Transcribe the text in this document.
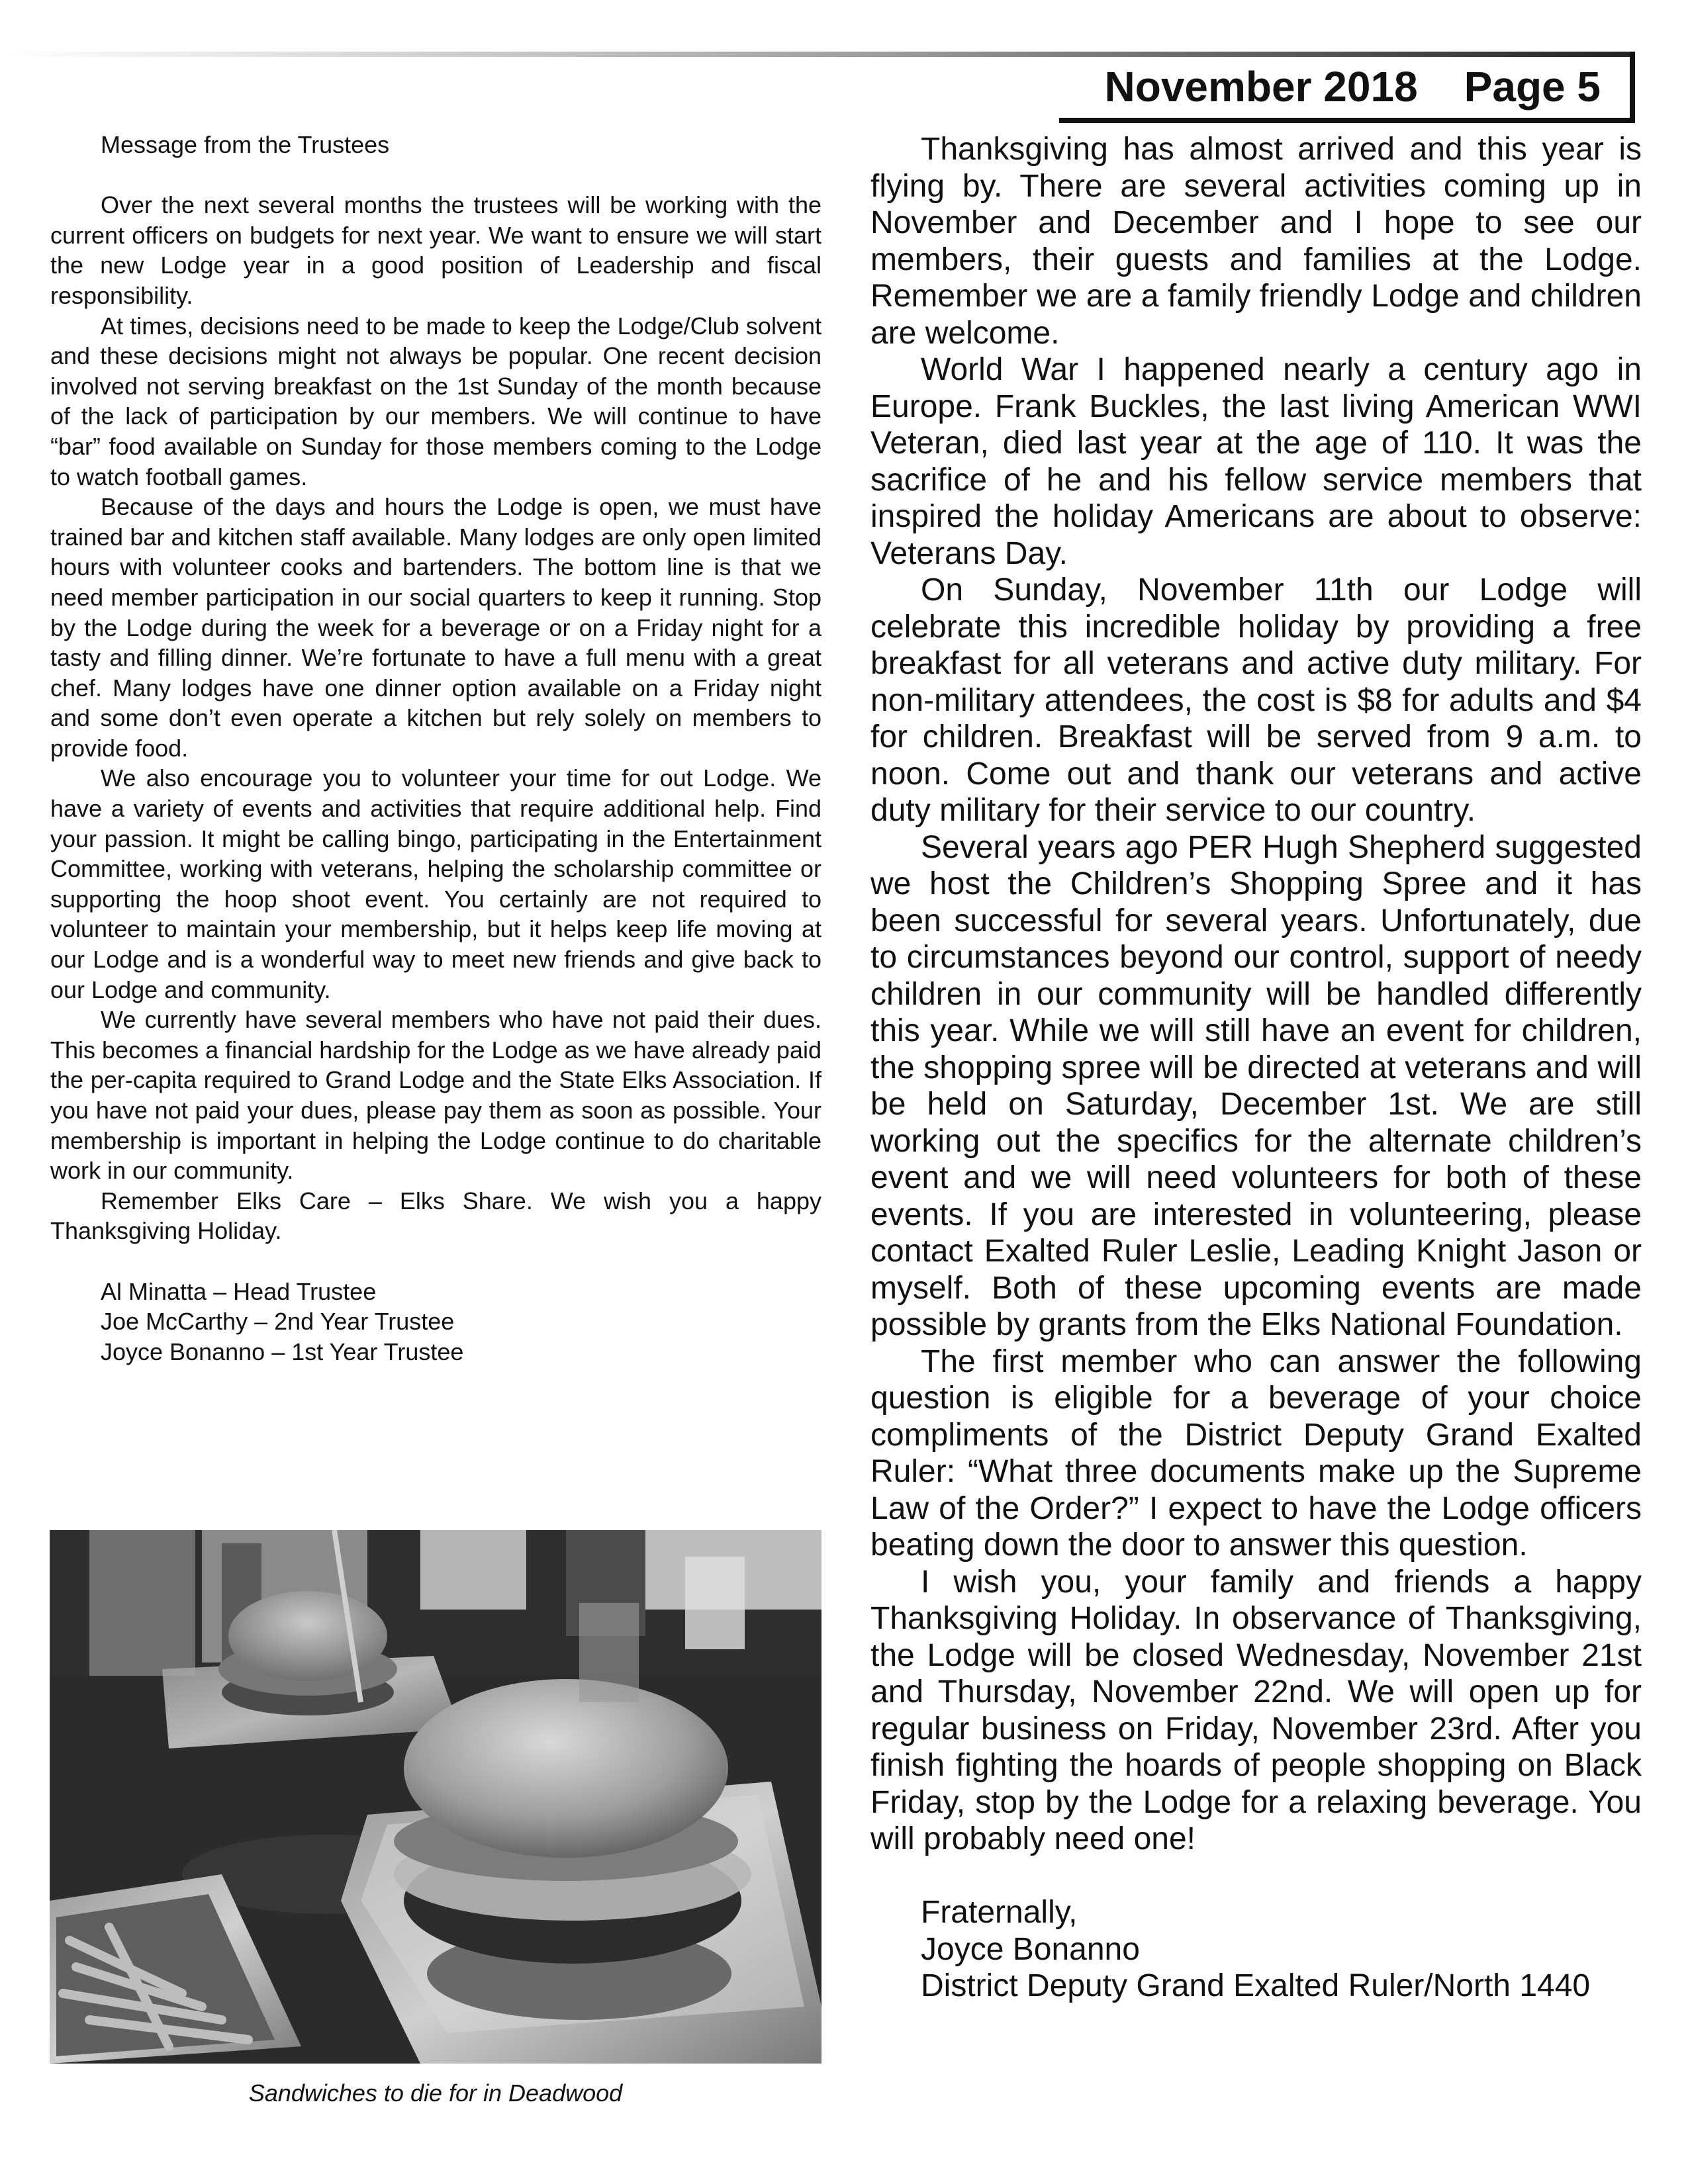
November 2018 Page 5
Message from the Trustees

Over the next several months the trustees will be working with the current officers on budgets for next year. We want to ensure we will start the new Lodge year in a good position of Leadership and fiscal responsibility.

At times, decisions need to be made to keep the Lodge/Club solvent and these decisions might not always be popular. One recent decision involved not serving breakfast on the 1st Sunday of the month because of the lack of participation by our members. We will continue to have “bar” food available on Sunday for those members coming to the Lodge to watch football games.

Because of the days and hours the Lodge is open, we must have trained bar and kitchen staff available. Many lodges are only open limited hours with volunteer cooks and bartenders. The bottom line is that we need member participation in our social quarters to keep it running. Stop by the Lodge during the week for a beverage or on a Friday night for a tasty and filling dinner. We’re fortunate to have a full menu with a great chef. Many lodges have one dinner option available on a Friday night and some don’t even operate a kitchen but rely solely on members to provide food.

We also encourage you to volunteer your time for out Lodge. We have a variety of events and activities that require additional help. Find your passion. It might be calling bingo, participating in the Entertainment Committee, working with veterans, helping the scholarship committee or supporting the hoop shoot event. You certainly are not required to volunteer to maintain your membership, but it helps keep life moving at our Lodge and is a wonderful way to meet new friends and give back to our Lodge and community.

We currently have several members who have not paid their dues. This becomes a financial hardship for the Lodge as we have already paid the per-capita required to Grand Lodge and the State Elks Association. If you have not paid your dues, please pay them as soon as possible. Your membership is important in helping the Lodge continue to do charitable work in our community.

Remember Elks Care – Elks Share. We wish you a happy Thanksgiving Holiday.

Al Minatta – Head Trustee
Joe McCarthy – 2nd Year Trustee
Joyce Bonanno – 1st Year Trustee
Sandwiches to die for in Deadwood

Thanksgiving has almost arrived and this year is flying by. There are several activities coming up in November and December and I hope to see our members, their guests and families at the Lodge. Remember we are a family friendly Lodge and children are welcome.

World War I happened nearly a century ago in Europe. Frank Buckles, the last living American WWI Veteran, died last year at the age of 110. It was the sacrifice of he and his fellow service members that inspired the holiday Americans are about to observe: Veterans Day.

On Sunday, November 11th our Lodge will celebrate this incredible holiday by providing a free breakfast for all veterans and active duty military. For non-military attendees, the cost is $8 for adults and $4 for children. Breakfast will be served from 9 a.m. to noon. Come out and thank our veterans and active duty military for their service to our country.

Several years ago PER Hugh Shepherd suggested we host the Children’s Shopping Spree and it has been successful for several years. Unfortunately, due to circumstances beyond our control, support of needy children in our community will be handled differently this year. While we will still have an event for children, the shopping spree will be directed at veterans and will be held on Saturday, December 1st. We are still working out the specifics for the alternate children’s event and we will need volunteers for both of these events. If you are interested in volunteering, please contact Exalted Ruler Leslie, Leading Knight Jason or myself. Both of these upcoming events are made possible by grants from the Elks National Foundation.

The first member who can answer the following question is eligible for a beverage of your choice compliments of the District Deputy Grand Exalted Ruler: “What three documents make up the Supreme Law of the Order?” I expect to have the Lodge officers beating down the door to answer this question.

I wish you, your family and friends a happy Thanksgiving Holiday. In observance of Thanksgiving, the Lodge will be closed Wednesday, November 21st and Thursday, November 22nd. We will open up for regular business on Friday, November 23rd. After you finish fighting the hoards of people shopping on Black Friday, stop by the Lodge for a relaxing beverage. You will probably need one!

Fraternally,
Joyce Bonanno
District Deputy Grand Exalted Ruler/North 1440
